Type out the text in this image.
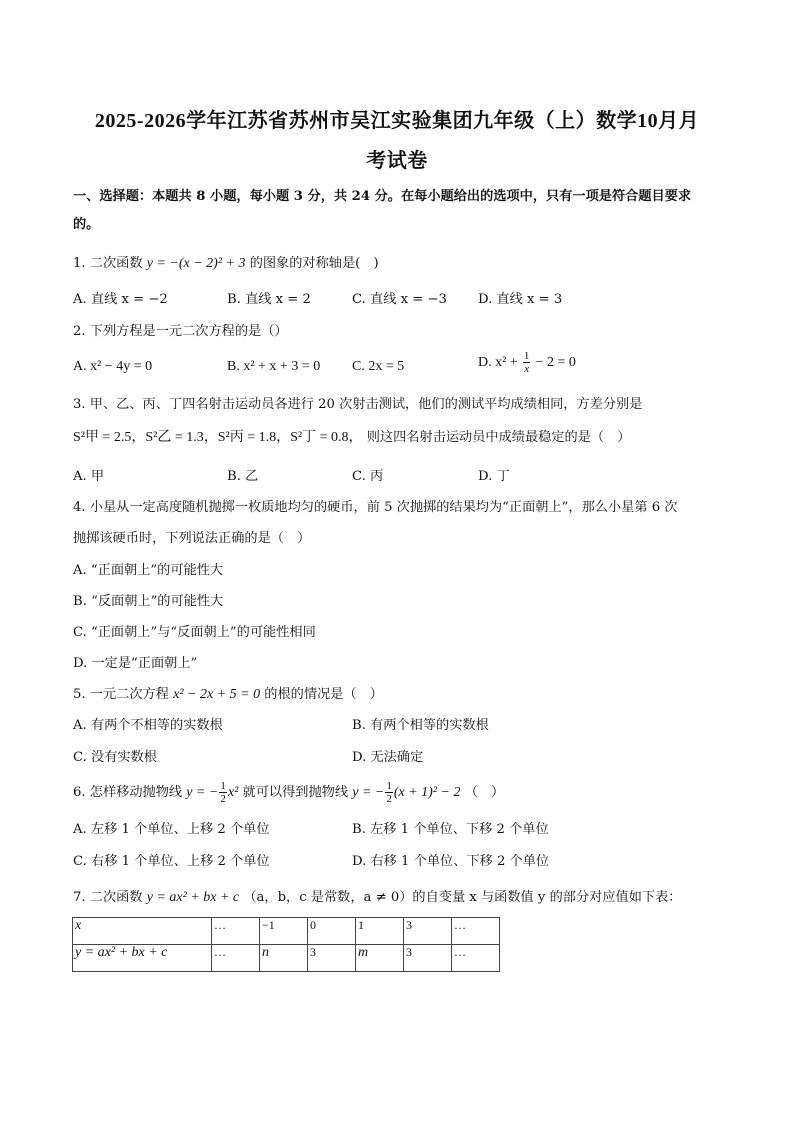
2025-2026学年江苏省苏州市吴江实验集团九年级（上）数学10月月
考试卷
一、选择题：本题共 8 小题，每小题 3 分，共 24 分。在每小题给出的选项中，只有一项是符合题目要求
的。
1. 二次函数 y = −(x − 2)² + 3 的图象的对称轴是(　)
A. 直线 x = −2	B. 直线 x = 2	C. 直线 x = −3 D. 直线 x = 3
2. 下列方程是一元二次方程的是（）
A. x² − 4y = 0	B. x² + x + 3 = 0 C. 2x = 5	D. $x^2 + \frac{1}{x} - 2 = 0$
3. 甲、乙、丙、丁四名射击运动员各进行 20 次射击测试，他们的测试平均成绩相同，方差分别是
S²甲 = 2.5，S²乙 = 1.3，S²丙 = 1.8，S²丁 = 0.8， 则这四名射击运动员中成绩最稳定的是（　）
A. 甲	B. 乙	C. 丙	D. 丁
4. 小星从一定高度随机抛掷一枚质地均匀的硬币，前 5 次抛掷的结果均为“正面朝上”，那么小星第 6 次
抛掷该硬币时，下列说法正确的是（　）
A. “正面朝上”的可能性大
B. “反面朝上”的可能性大
C. “正面朝上”与“反面朝上”的可能性相同
D. 一定是“正面朝上”
5. 一元二次方程 x² − 2x + 5 = 0 的根的情况是（　）
A. 有两个不相等的实数根	B. 有两个相等的实数根
C. 没有实数根	D. 无法确定
6. 怎样移动抛物线 y = − $\frac{1}{2} x^2$ 就可以得到抛物线 y = − $\frac{1}{2} (x + 1)^2 - 2$ （　）
A. 左移 1 个单位、上移 2 个单位	B. 左移 1 个单位、下移 2 个单位
C. 右移 1 个单位、上移 2 个单位	D. 右移 1 个单位、下移 2 个单位
7. 二次函数 y = ax² + bx + c （a，b，c 是常数，a ≠ 0）的自变量 x 与函数值 y 的部分对应值如下表：
x	…	−1	0	1	3	…
y = ax² + bx + c	…	n	3	m	3	…
